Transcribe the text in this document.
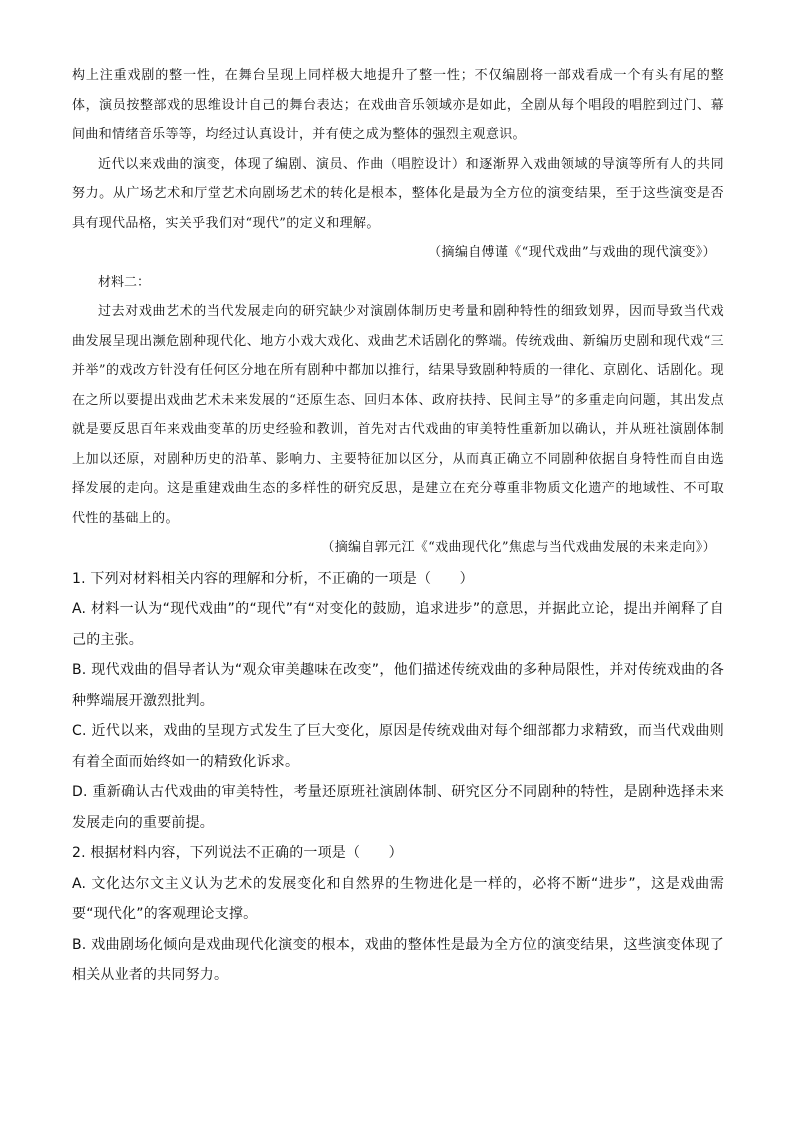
构上注重戏剧的整一性，在舞台呈现上同样极大地提升了整一性；不仅编剧将一部戏看成一个有头有尾的整体，演员按整部戏的思维设计自己的舞台表达；在戏曲音乐领域亦是如此，全剧从每个唱段的唱腔到过门、幕间曲和情绪音乐等等，均经过认真设计，并有使之成为整体的强烈主观意识。

近代以来戏曲的演变，体现了编剧、演员、作曲（唱腔设计）和逐渐界入戏曲领域的导演等所有人的共同努力。从广场艺术和厅堂艺术向剧场艺术的转化是根本，整体化是最为全方位的演变结果，至于这些演变是否具有现代品格，实关乎我们对“现代”的定义和理解。

（摘编自傅谨《“现代戏曲”与戏曲的现代演变》）

材料二：

过去对戏曲艺术的当代发展走向的研究缺少对演剧体制历史考量和剧种特性的细致划界，因而导致当代戏曲发展呈现出濒危剧种现代化、地方小戏大戏化、戏曲艺术话剧化的弊端。传统戏曲、新编历史剧和现代戏“三并举”的戏改方针没有任何区分地在所有剧种中都加以推行，结果导致剧种特质的一律化、京剧化、话剧化。现在之所以要提出戏曲艺术未来发展的“还原生态、回归本体、政府扶持、民间主导”的多重走向问题，其出发点就是要反思百年来戏曲变革的历史经验和教训，首先对古代戏曲的审美特性重新加以确认，并从班社演剧体制上加以还原，对剧种历史的沿革、影响力、主要特征加以区分，从而真正确立不同剧种依据自身特性而自由选择发展的走向。这是重建戏曲生态的多样性的研究反思，是建立在充分尊重非物质文化遗产的地域性、不可取代性的基础上的。

（摘编自郭元江《“戏曲现代化”焦虑与当代戏曲发展的未来走向》）

1. 下列对材料相关内容的理解和分析，不正确的一项是（　　）

A. 材料一认为“现代戏曲”的“现代”有“对变化的鼓励，追求进步”的意思，并据此立论，提出并阐释了自己的主张。

B. 现代戏曲的倡导者认为“观众审美趣味在改变”，他们描述传统戏曲的多种局限性，并对传统戏曲的各种弊端展开激烈批判。

C. 近代以来，戏曲的呈现方式发生了巨大变化，原因是传统戏曲对每个细部都力求精致，而当代戏曲则有着全面而始终如一的精致化诉求。

D. 重新确认古代戏曲的审美特性，考量还原班社演剧体制、研究区分不同剧种的特性，是剧种选择未来发展走向的重要前提。

2. 根据材料内容，下列说法不正确的一项是（　　）

A. 文化达尔文主义认为艺术的发展变化和自然界的生物进化是一样的，必将不断“进步”，这是戏曲需要“现代化”的客观理论支撑。

B. 戏曲剧场化倾向是戏曲现代化演变的根本，戏曲的整体性是最为全方位的演变结果，这些演变体现了相关从业者的共同努力。
